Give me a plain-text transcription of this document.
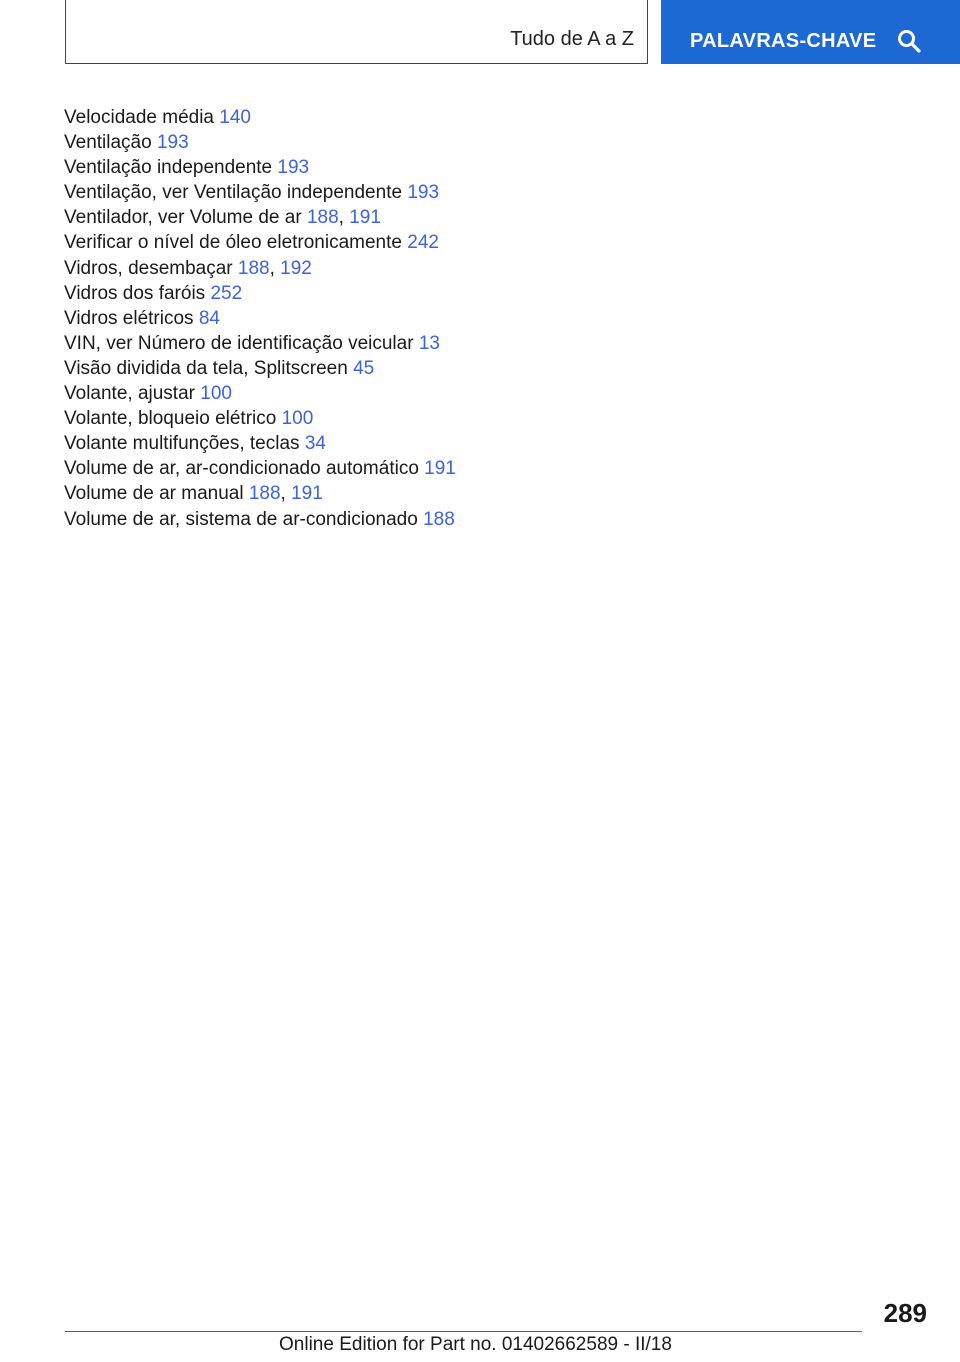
Tudo de A a Z	PALAVRAS-CHAVE
Velocidade média 140
Ventilação 193
Ventilação independente 193
Ventilação, ver Ventilação independente 193
Ventilador, ver Volume de ar 188, 191
Verificar o nível de óleo eletronicamente 242
Vidros, desembaçar 188, 192
Vidros dos faróis 252
Vidros elétricos 84
VIN, ver Número de identificação veicular 13
Visão dividida da tela, Splitscreen 45
Volante, ajustar 100
Volante, bloqueio elétrico 100
Volante multifunções, teclas 34
Volume de ar, ar-condicionado automático 191
Volume de ar manual 188, 191
Volume de ar, sistema de ar-condicionado 188
289
Online Edition for Part no. 01402662589 - II/18
